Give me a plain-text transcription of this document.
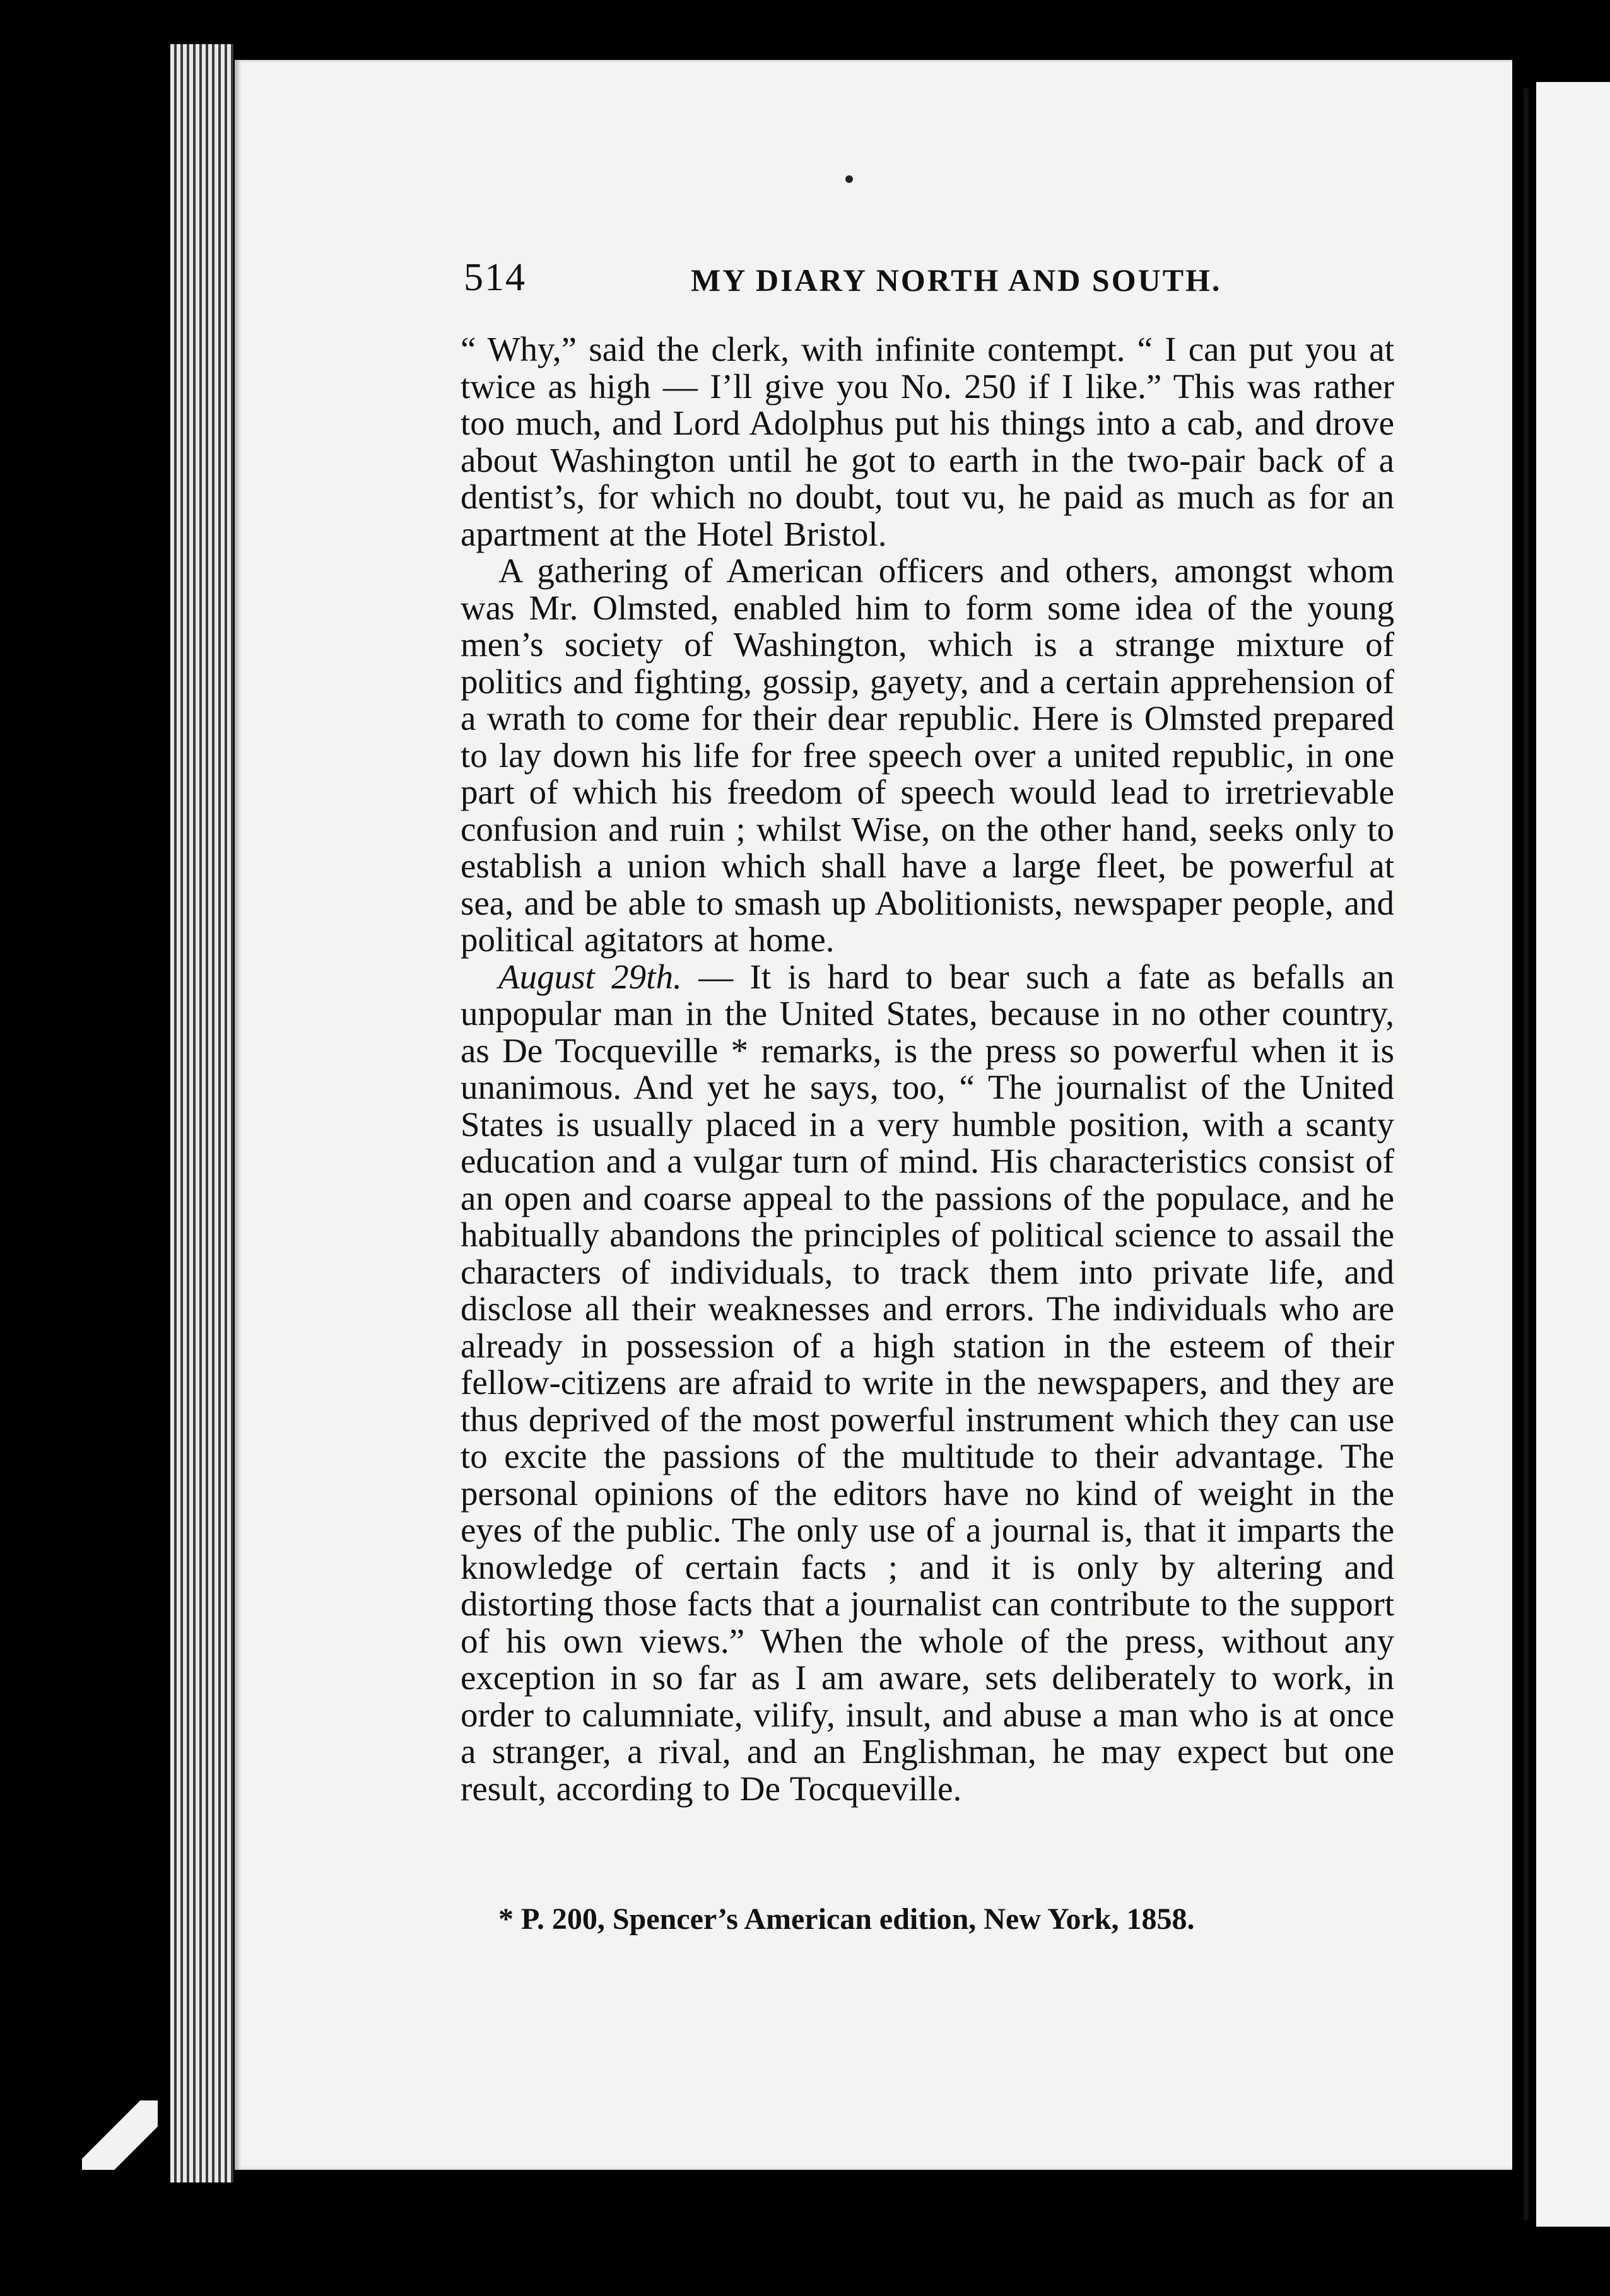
514	MY DIARY NORTH AND SOUTH.

“ Why,” said the clerk, with infinite contempt. “ I can put you at twice as high — I’ll give you No. 250 if I like.” This was rather too much, and Lord Adolphus put his things into a cab, and drove about Washington until he got to earth in the two-pair back of a dentist’s, for which no doubt, tout vu, he paid as much as for an apartment at the Hotel Bristol.

A gathering of American officers and others, amongst whom was Mr. Olmsted, enabled him to form some idea of the young men’s society of Washington, which is a strange mixture of politics and fighting, gossip, gayety, and a certain apprehension of a wrath to come for their dear republic. Here is Olmsted prepared to lay down his life for free speech over a united republic, in one part of which his freedom of speech would lead to irretrievable confusion and ruin ; whilst Wise, on the other hand, seeks only to establish a union which shall have a large fleet, be powerful at sea, and be able to smash up Abolitionists, newspaper people, and political agitators at home.

August 29th. — It is hard to bear such a fate as befalls an unpopular man in the United States, because in no other country, as De Tocqueville * remarks, is the press so powerful when it is unanimous. And yet he says, too, “ The journalist of the United States is usually placed in a very humble position, with a scanty education and a vulgar turn of mind. His characteristics consist of an open and coarse appeal to the passions of the populace, and he habitually abandons the principles of political science to assail the characters of individuals, to track them into private life, and disclose all their weaknesses and errors. The individuals who are already in possession of a high station in the esteem of their fellow-citizens are afraid to write in the newspapers, and they are thus deprived of the most powerful instrument which they can use to excite the passions of the multitude to their advantage. The personal opinions of the editors have no kind of weight in the eyes of the public. The only use of a journal is, that it imparts the knowledge of certain facts ; and it is only by altering and distorting those facts that a journalist can contribute to the support of his own views.” When the whole of the press, without any exception in so far as I am aware, sets deliberately to work, in order to calumniate, vilify, insult, and abuse a man who is at once a stranger, a rival, and an Englishman, he may expect but one result, according to De Tocqueville.

* P. 200, Spencer’s American edition, New York, 1858.
